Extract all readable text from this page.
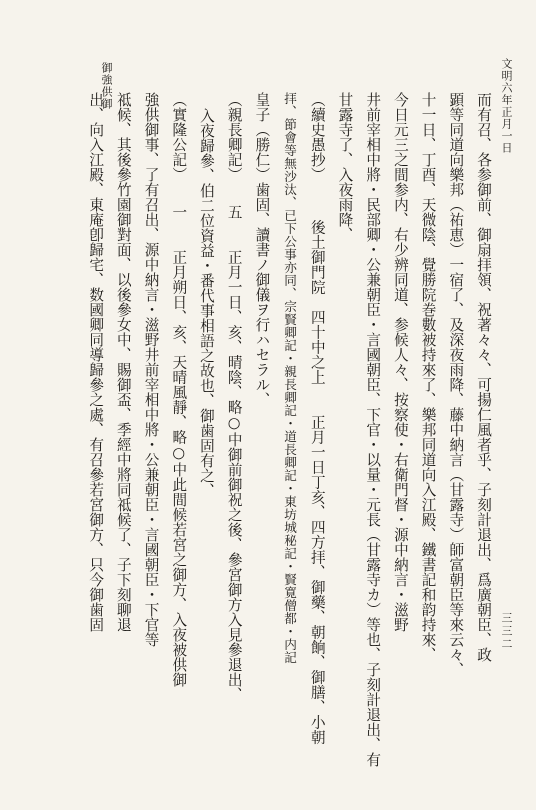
文明六年正月一日
三三二
御強供御
而有召、各参御前、御扇拝領、祝著々々、可揚仁風者乎、子刻計退出、爲廣朝臣、政
顕等同道向樂邦（祐恵）一宿了、及深夜雨降、藤中納言（甘露寺）師富朝臣等來云々、
十一日、丁酉、天微陰、覺勝院巻數被持來了、樂邦同道向入江殿、鐵書記和韵持來、
今日元三之間参内、右少辨同道、参候人々、按察使・右衛門督・源中納言・滋野
井前宰相中將・民部卿・公兼朝臣・言國朝臣、下官・以量・元長（甘露寺カ）等也、子刻計退出、有
甘露寺了、入夜雨降、
（續史愚抄）　　　後土御門院　四十中之上　　正月一日丁亥、四方拝、御藥、朝餉、御膳、小朝
拝、節會等無沙汰、已下公事亦同、宗賢卿記・親長卿記・道長卿記・東坊城秘記・賢寛僧都・内記
皇子（勝仁）歯固、讀書ノ御儀ヲ行ハセラル、
（親長卿記）　　五　　正月一日、亥、晴陰、略○中御前御祝之後、參宮御方入見參退出、
入夜歸參、伯二位資益・番代事相語之故也、御歯固有之、
（實隆公記）　　一　　正月朔日、亥、天晴風靜、略○中此間候若宮之御方、入夜被供御
強供御事、了有召出、源中納言・滋野井前宰相中將・公兼朝臣・言國朝臣・下官等
祗候、其後參竹園御對面、以後參女中、賜御盃、季經中將同祗候了、子下刻聊退
出、向入江殿、東庵卽歸宅、数國卿同導歸參之處、有召參若宮御方、只今御歯固
